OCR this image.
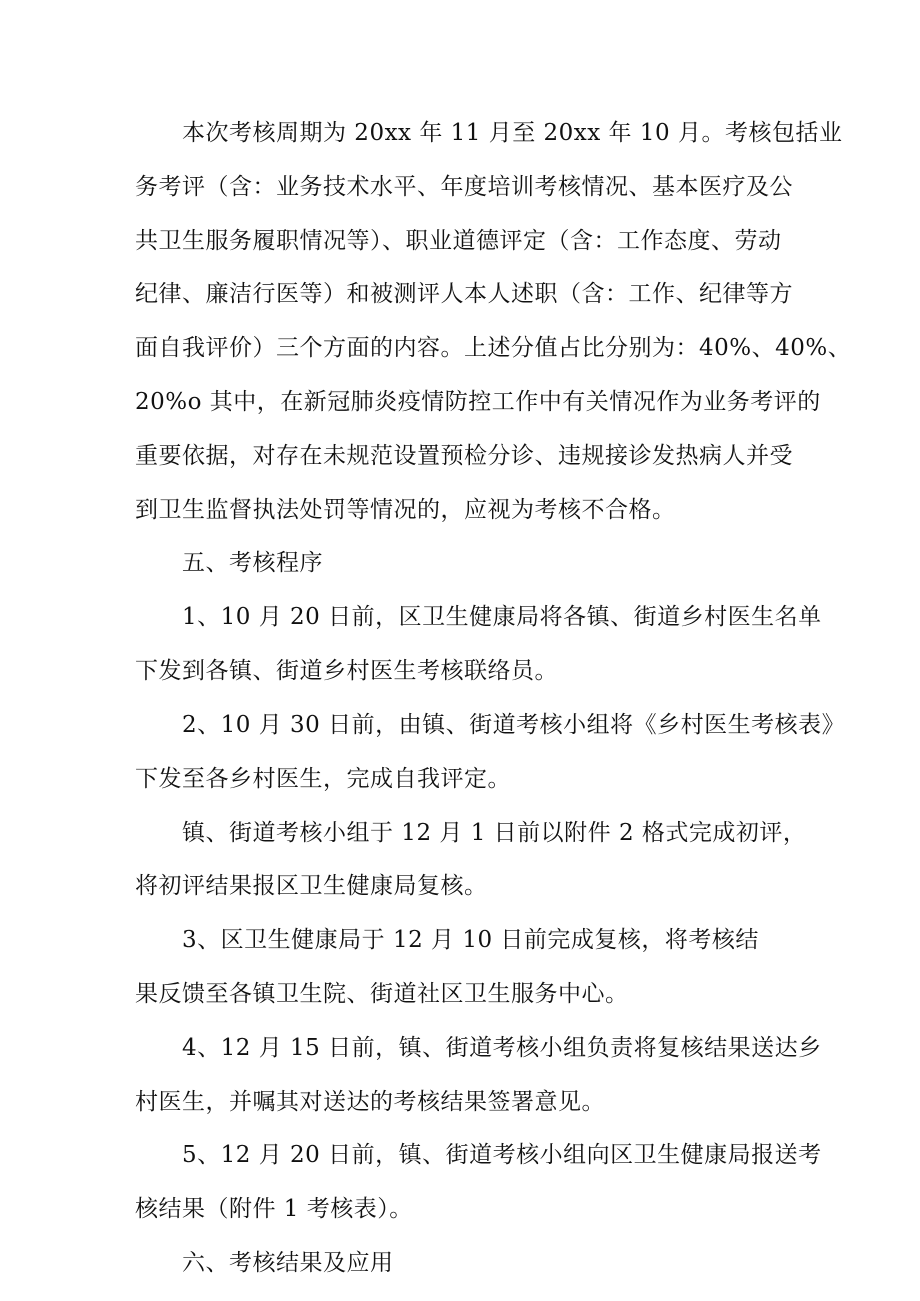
本次考核周期为 20xx 年 11 月至 20xx 年 10 月。考核包括业
务考评（含：业务技术水平、年度培训考核情况、基本医疗及公
共卫生服务履职情况等）、职业道德评定（含：工作态度、劳动
纪律、廉洁行医等）和被测评人本人述职（含：工作、纪律等方
面自我评价）三个方面的内容。上述分值占比分别为：40%、40%、
20%o 其中，在新冠肺炎疫情防控工作中有关情况作为业务考评的
重要依据，对存在未规范设置预检分诊、违规接诊发热病人并受
到卫生监督执法处罚等情况的，应视为考核不合格。
五、考核程序
1、10 月 20 日前，区卫生健康局将各镇、街道乡村医生名单
下发到各镇、街道乡村医生考核联络员。
2、10 月 30 日前，由镇、街道考核小组将《乡村医生考核表》
下发至各乡村医生，完成自我评定。
镇、街道考核小组于 12 月 1 日前以附件 2 格式完成初评，
将初评结果报区卫生健康局复核。
3、区卫生健康局于 12 月 10 日前完成复核，将考核结
果反馈至各镇卫生院、街道社区卫生服务中心。
4、12 月 15 日前，镇、街道考核小组负责将复核结果送达乡
村医生，并嘱其对送达的考核结果签署意见。
5、12 月 20 日前，镇、街道考核小组向区卫生健康局报送考
核结果（附件 1 考核表）。
六、考核结果及应用
